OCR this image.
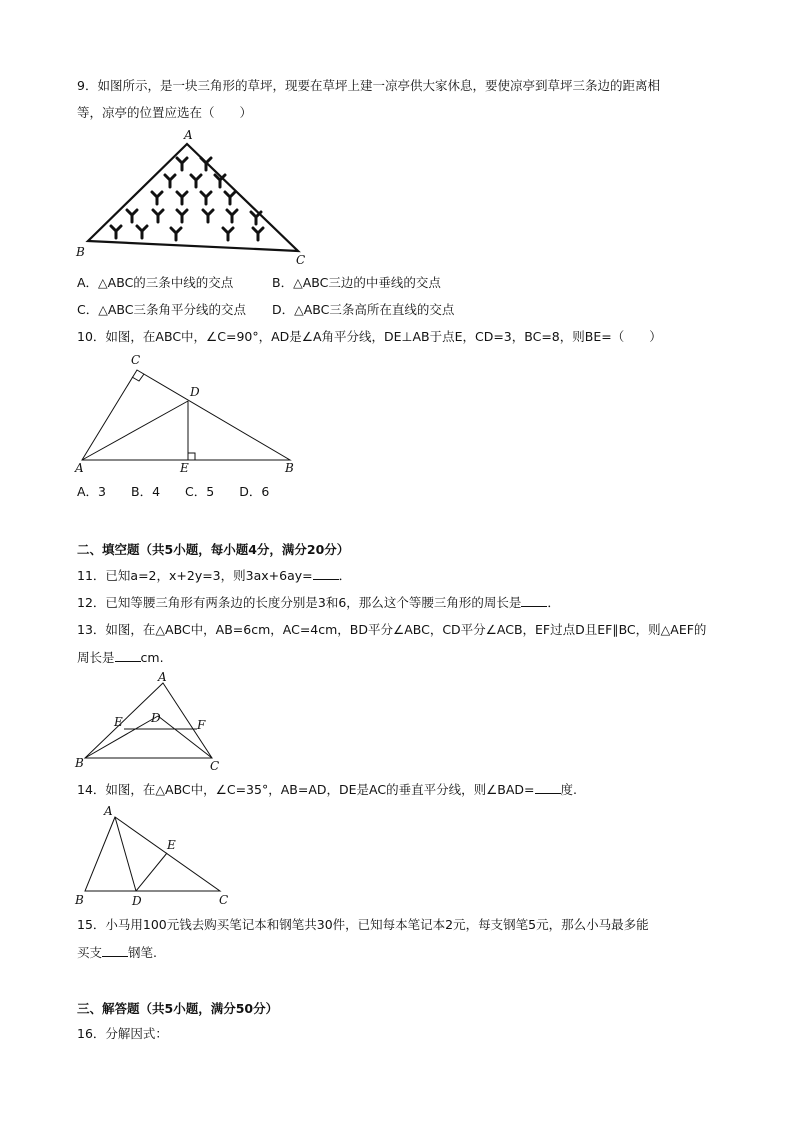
9．如图所示，是一块三角形的草坪，现要在草坪上建一凉亭供大家休息，要使凉亭到草坪三条边的距离相
等，凉亭的位置应选在（　　）
A
B
C
A．△ABC的三条中线的交点	B．△ABC三边的中垂线的交点
C．△ABC三条角平分线的交点 D．△ABC三条高所在直线的交点
10．如图，在ABC中，∠C=90°，AD是∠A角平分线，DE⊥AB于点E，CD=3，BC=8，则BE=（　　）
C
D
A	E	B
A．3　　B．4　　C．5　　D．6
二、填空题（共5小题，每小题4分，满分20分）
11．已知a=2，x+2y=3，则3ax+6ay= ．
12．已知等腰三角形有两条边的长度分别是3和6，那么这个等腰三角形的周长是 ．
13．如图，在△ABC中，AB=6cm，AC=4cm，BD平分∠ABC，CD平分∠ACB，EF过点D且EF∥BC，则△AEF的
周长是 cm.
A
E D	F
B	C
14．如图，在△ABC中，∠C=35°，AB=AD，DE是AC的垂直平分线，则∠BAD= 度.
A
E
B	D	C
15．小马用100元钱去购买笔记本和钢笔共30件，已知每本笔记本2元，每支钢笔5元，那么小马最多能
买支 钢笔.
三、解答题（共5小题，满分50分）
16．分解因式：
